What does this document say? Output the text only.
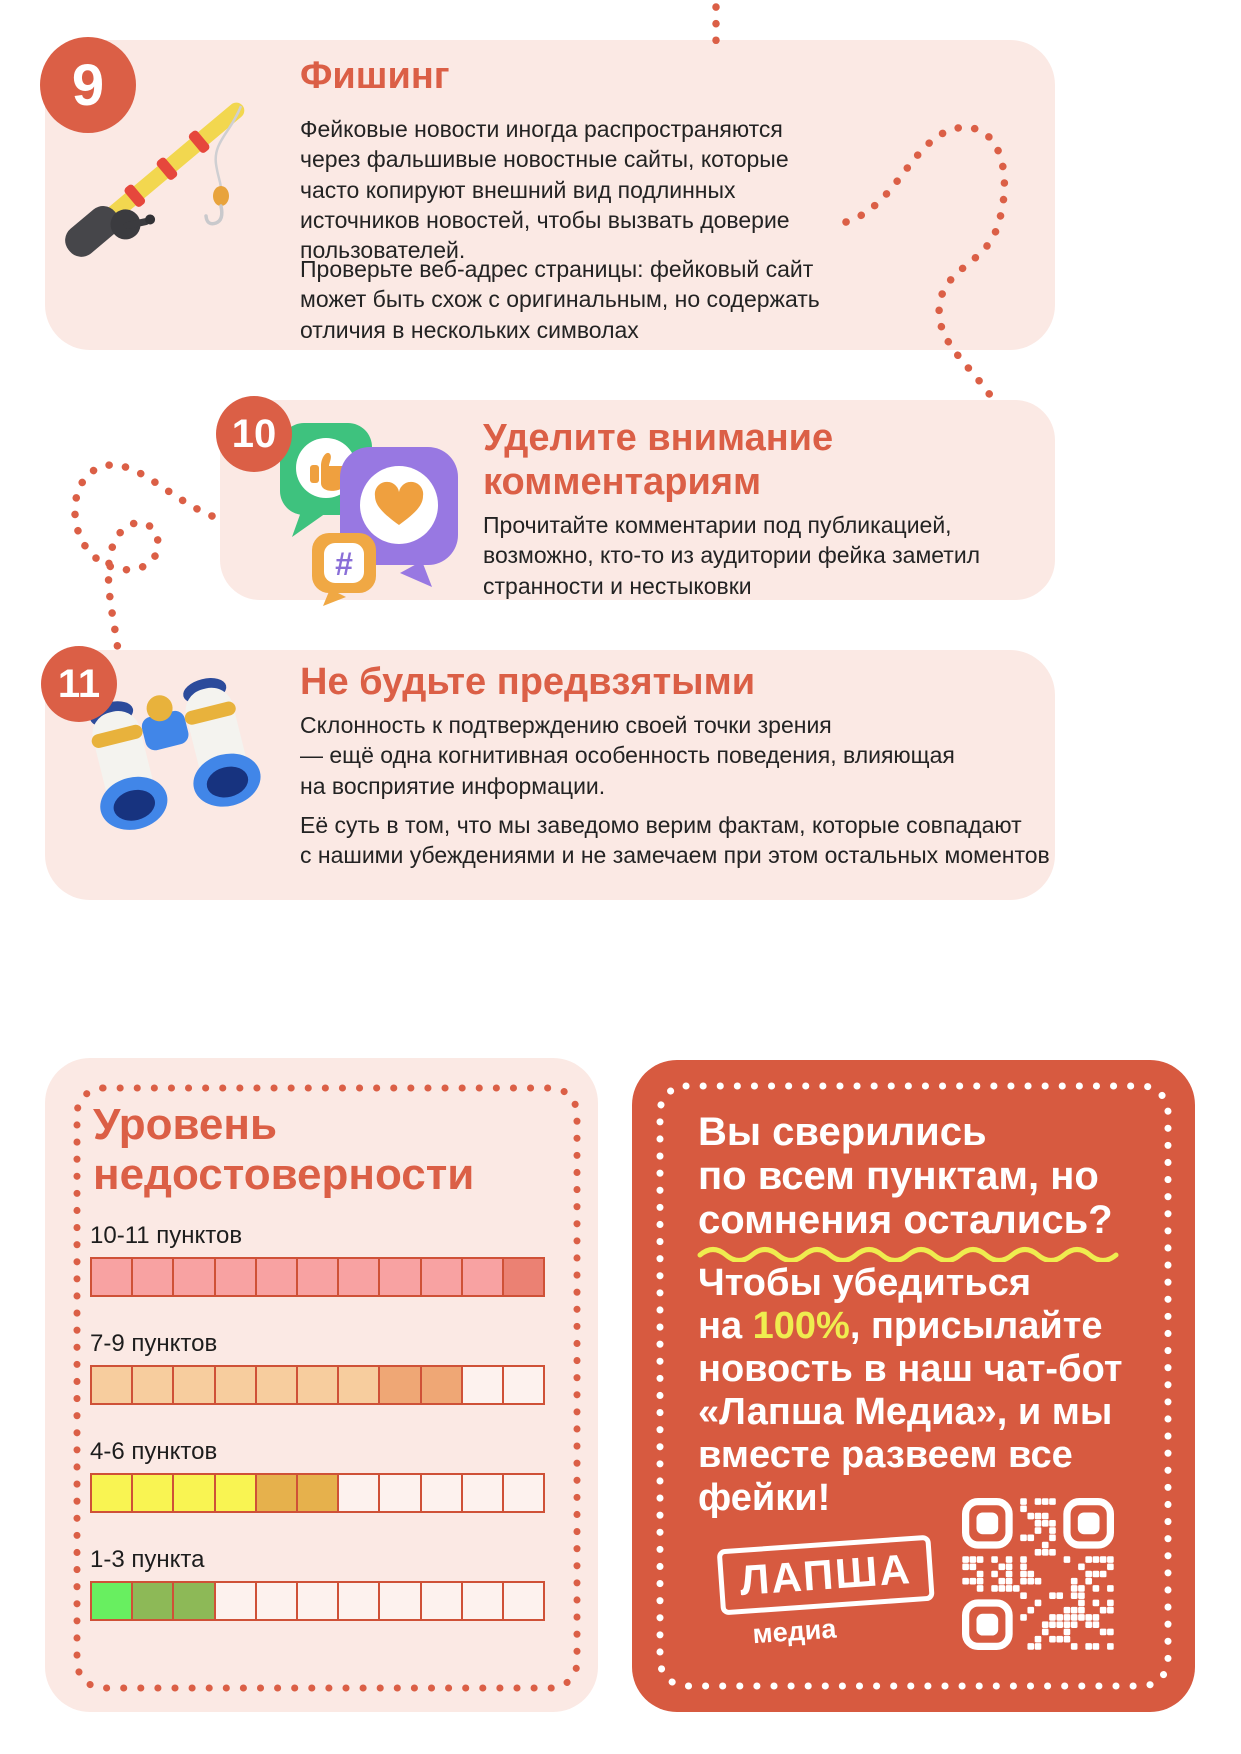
Фишинг
Фейковые новости иногда распространяются
через фальшивые новостные сайты, которые
часто копируют внешний вид подлинных
источников новостей, чтобы вызвать доверие
пользователей.
Проверьте веб-адрес страницы: фейковый сайт
может быть схож с оригинальным, но содержать
отличия в нескольких символах
9
Уделите внимание
комментариям
Прочитайте комментарии под публикацией,
возможно, кто-то из аудитории фейка заметил
странности и нестыковки
10
#
Не будьте предвзятыми
Склонность к подтверждению своей точки зрения
— ещё одна когнитивная особенность поведения, влияющая
на восприятие информации.
Её суть в том, что мы заведомо верим фактам, которые совпадают
с нашими убеждениями и не замечаем при этом остальных моментов
11
Уровень
недостоверности
10-11 пунктов
7-9 пунктов
4-6 пунктов
1-3 пункта
Вы сверились
по всем пунктам, но
сомнения остались?
Чтобы убедиться
на 100%, присылайте
новость в наш чат-бот
«Лапша Медиа», и мы
вместе развеем все
фейки!
ЛАПША
медиа
